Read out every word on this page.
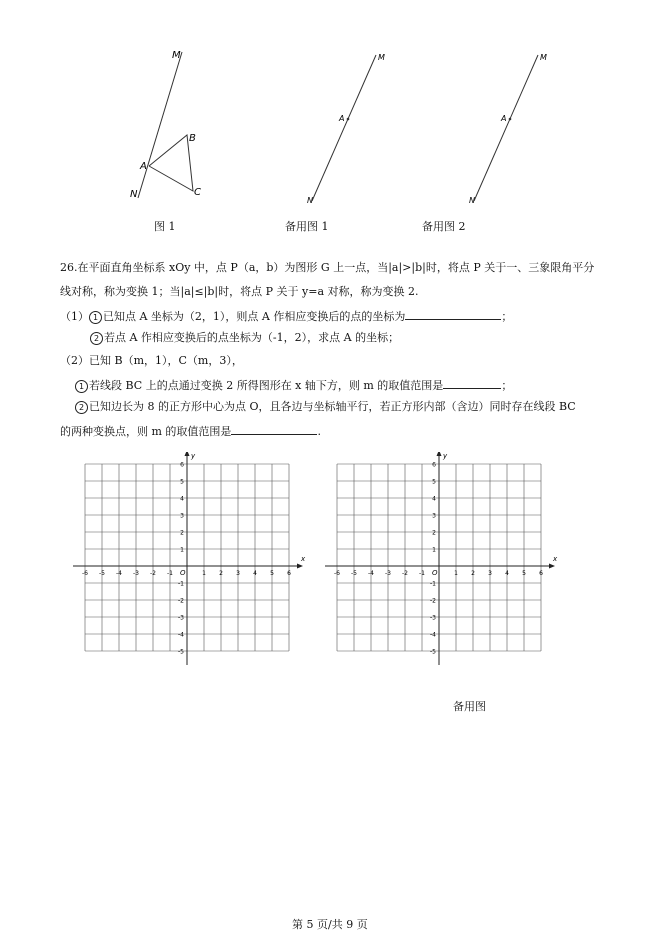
M
N
A
B
C
图 1
M
N
A
备用图 1
M
N
A
备用图 2
26.在平面直角坐标系 xOy 中，点 P（a，b）为图形 G 上一点，当|a|>|b|时，将点 P 关于一、三象限角平分
线对称，称为变换 1；当|a|≤|b|时，将点 P 关于 y=a 对称，称为变换 2.
（1） 1 已知点 A 坐标为（2，1），则点 A 作相应变换后的点的坐标为	；
2 若点 A 作相应变换后的点坐标为（-1，2），求点 A 的坐标；
（2）已知 B（m，1），C（m，3），
1 若线段 BC 上的点通过变换 2 所得图形在 x 轴下方，则 m 的取值范围是	；
2 已知边长为 8 的正方形中心为点 O，且各边与坐标轴平行，若正方形内部（含边）同时存在线段 BC
的两种变换点，则 m 的取值范围是	.
x
y
O
-6 -5 -4 -3 -2 -1	1 2 3 4 5 6
6
5
4
3
2
1
-1
-2
-3
-4
-5
x
y
O
-6 -5 -4 -3 -2 -1	1 2 3 4 5 6
6
5
4
3
2
1
-1
-2
-3
-4
-5
备用图
第 5 页/共 9 页
